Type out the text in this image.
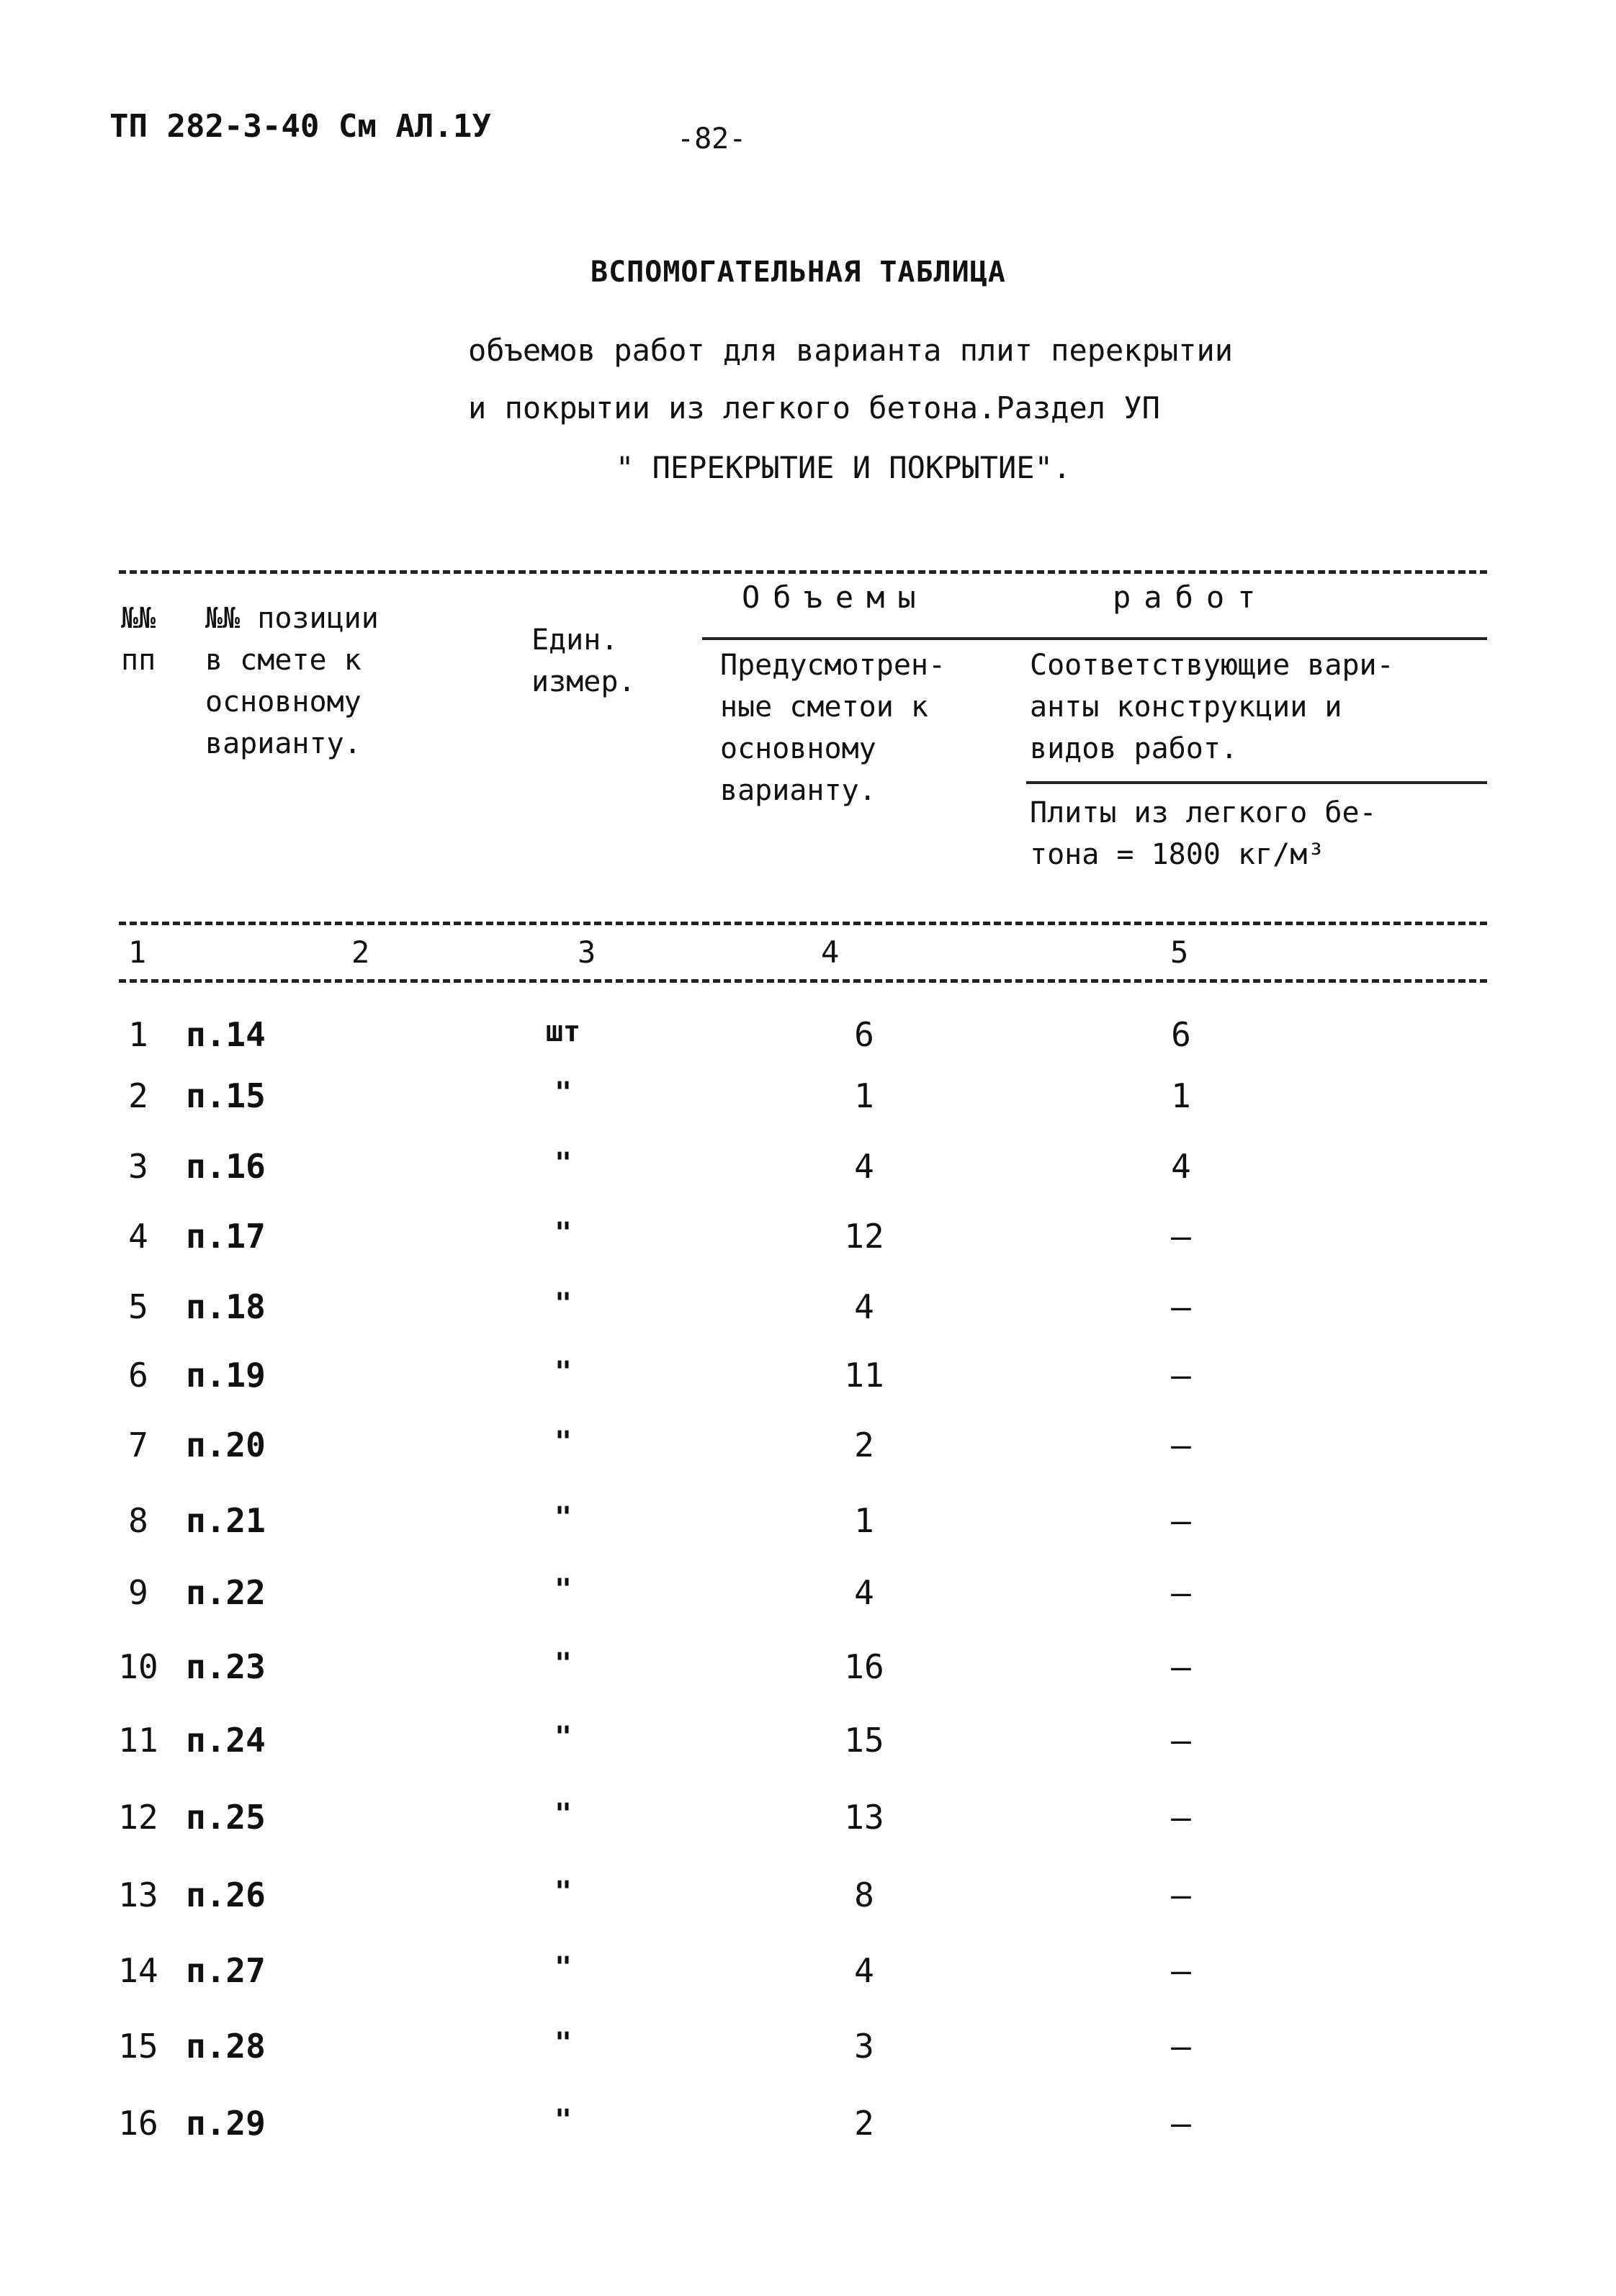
ТП 282-3-40 См АЛ.1У	-82-
ВСПОМОГАТЕЛЬНАЯ ТАБЛИЦА
объемов работ для варианта плит перекрытии
и покрытии из легкого бетона.Раздел УП
" ПЕРЕКРЫТИЕ И ПОКРЫТИЕ".
№№
пп
№№ позиции
в смете к
основному
варианту.
Един.
измер.
Объемы	работ
Предусмотрен-
ные сметои к
основному
варианту.
Соответствующие вари-
анты конструкции и
видов работ.
Плиты из легкого бе-
тона = 1800 кг/м³
1	2	3	4	5
1	п.14	шт	6	6
2	п.15	"	1	1
3	п.16	"	4	4
4	п.17	"	12	–
5	п.18	"	4	–
6	п.19	"	11	–
7	п.20	"	2	–
8	п.21	"	1	–
9	п.22	"	4	–
10 п.23	"	16	–
11 п.24	"	15	–
12 п.25	"	13	–
13 п.26	"	8	–
14 п.27	"	4	–
15 п.28	"	3	–
16 п.29	"	2	–
